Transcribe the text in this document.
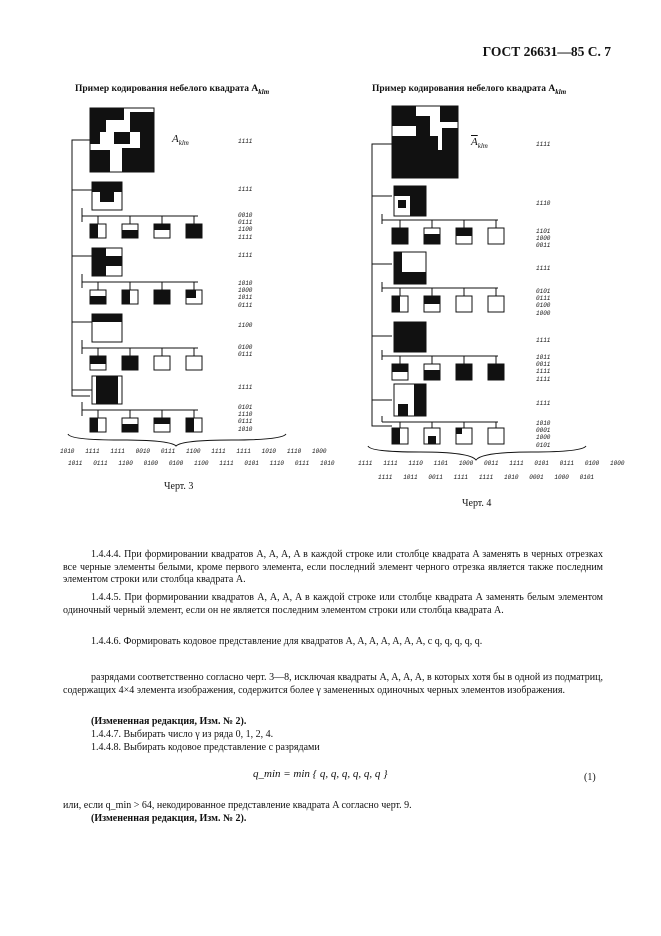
ГОСТ 26631—85 С. 7
Пример кодирования небелого квадрата $A_{klm}$
$A_{klm}$	1111
1111
0010
0111
1100
1111
1111
1010
1000
1011
0111
1100
0100
0111
1111
0101
1110
0111
1010
1010   1111   1111   0010   0111   1100   1111   1111   1010   1110   1000
1011   0111   1100   0100   0100   1100   1111   0101   1110   0111   1010
Черт. 3
Пример кодирования небелого квадрата $A_{klm}$
$\overline{A}_{klm}$	1111
1110
1101
1000
0011
1111
0101
0111
0100
1000
1111
1011
0011
1111
1111
1111
1010
0001
1000
0101
1111   1111   1110   1101   1000   0011   1111   0101   0111   0100   1000
1111   1011   0011   1111   1111   1010   0001   1000   0101
Черт. 4

1.4.4.4. При формировании квадратов A, A, A, A в каждой строке или столбце квадрата A заменять в черных отрезках все черные элементы белыми, кроме первого элемента, если последний элемент черного отрезка является также последним элементом строки или столбца квадрата A.

1.4.4.5. При формировании квадратов A, A, A, A в каждой строке или столбце квадрата A заменять белым элементом одиночный черный элемент, если он не является последним элементом строки или столбца квадрата A.

1.4.4.6. Формировать кодовое представление для квадратов A, A, A, A, A, A, A, с q, q, q, q, q.

разрядами соответственно согласно черт. 3—8, исключая квадраты A, A, A, A, в которых хотя бы в одной из подматриц, содержащих 4×4 элемента изображения, содержится более γ замененных одиночных черных элементов изображения.

(Измененная редакция, Изм. № 2).

1.4.4.7. Выбирать число γ из ряда 0, 1, 2, 4.

1.4.4.8. Выбирать кодовое представление с разрядами

q_min = min { q, q, q, q, q, q }	(1)

или, если q_min > 64, некодированное представление квадрата A согласно черт. 9.

(Измененная редакция, Изм. № 2).
